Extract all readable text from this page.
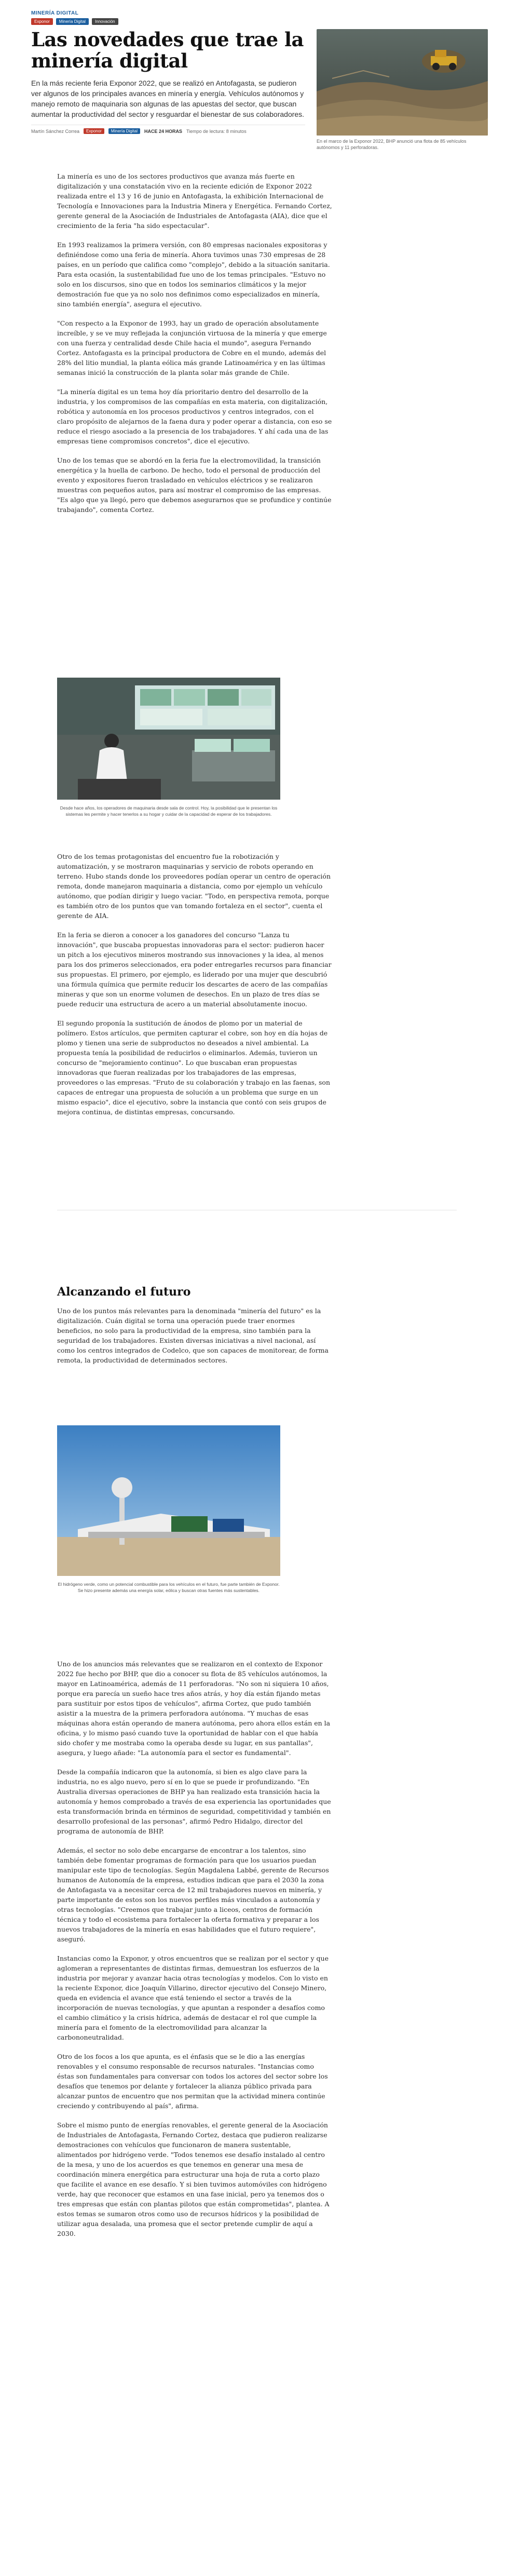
MINERÍA DIGITAL
Exponor	Minería Digital	Innovación
Las novedades que trae la minería digital

En la más reciente feria Exponor 2022, que se realizó en Antofagasta, se pudieron ver algunos de los principales avances en minería y energía. Vehículos autónomos y manejo remoto de maquinaria son algunas de las apuestas del sector, que buscan aumentar la productividad del sector y resguardar el bienestar de sus colaboradores.

Martín Sánchez Correa	Exponor	Minería Digital	HACE 24 HORAS Tiempo de lectura: 8 minutos

En el marco de la Exponor 2022, BHP anunció una flota de 85 vehículos autónomos y 11 perforadoras.

La minería es uno de los sectores productivos que avanza más fuerte en digitalización y una constatación vivo en la reciente edición de Exponor 2022 realizada entre el 13 y 16 de junio en Antofagasta, la exhibición Internacional de Tecnología e Innovaciones para la Industria Minera y Energética. Fernando Cortez, gerente general de la Asociación de Industriales de Antofagasta (AIA), dice que el crecimiento de la feria "ha sido espectacular".

En 1993 realizamos la primera versión, con 80 empresas nacionales expositoras y definiéndose como una feria de minería. Ahora tuvimos unas 730 empresas de 28 países, en un período que califica como "complejo", debido a la situación sanitaria. Para esta ocasión, la sustentabilidad fue uno de los temas principales. "Estuvo no solo en los discursos, sino que en todos los seminarios climáticos y la mejor demostración fue que ya no solo nos definimos como especializados en minería, sino también energía", asegura el ejecutivo.

"Con respecto a la Exponor de 1993, hay un grado de operación absolutamente increíble, y se ve muy reflejada la conjunción virtuosa de la minería y que emerge con una fuerza y centralidad desde Chile hacia el mundo", asegura Fernando Cortez. Antofagasta es la principal productora de Cobre en el mundo, además del 28% del litio mundial, la planta eólica más grande Latinoamérica y en las últimas semanas inició la construcción de la planta solar más grande de Chile.

"La minería digital es un tema hoy día prioritario dentro del desarrollo de la industria, y los compromisos de las compañías en esta materia, con digitalización, robótica y autonomía en los procesos productivos y centros integrados, con el claro propósito de alejarnos de la faena dura y poder operar a distancia, con eso se reduce el riesgo asociado a la presencia de los trabajadores. Y ahí cada una de las empresas tiene compromisos concretos", dice el ejecutivo.

Uno de los temas que se abordó en la feria fue la electromovilidad, la transición energética y la huella de carbono. De hecho, todo el personal de producción del evento y expositores fueron trasladado en vehículos eléctricos y se realizaron muestras con pequeños autos, para así mostrar el compromiso de las empresas. "Es algo que ya llegó, pero que debemos asegurarnos que se profundice y continúe trabajando", comenta Cortez.

Desde hace años, los operadores de maquinaria desde sala de control. Hoy, la posibilidad que le presentan los sistemas les permite y hacer tenerlos a su hogar y cuidar de la capacidad de esperar de los trabajadores.

Otro de los temas protagonistas del encuentro fue la robotización y automatización, y se mostraron maquinarias y servicio de robots operando en terreno. Hubo stands donde los proveedores podían operar un centro de operación remota, donde manejaron maquinaria a distancia, como por ejemplo un vehículo autónomo, que podían dirigir y luego vaciar. "Todo, en perspectiva remota, porque es también otro de los puntos que van tomando fortaleza en el sector", cuenta el gerente de AIA.

En la feria se dieron a conocer a los ganadores del concurso "Lanza tu innovación", que buscaba propuestas innovadoras para el sector: pudieron hacer un pitch a los ejecutivos mineros mostrando sus innovaciones y la idea, al menos para los dos primeros seleccionados, era poder entregarles recursos para financiar sus propuestas. El primero, por ejemplo, es liderado por una mujer que descubrió una fórmula química que permite reducir los descartes de acero de las compañías mineras y que son un enorme volumen de desechos. En un plazo de tres días se puede reducir una estructura de acero a un material absolutamente inocuo.

El segundo proponía la sustitución de ánodos de plomo por un material de polímero. Estos artículos, que permiten capturar el cobre, son hoy en día hojas de plomo y tienen una serie de subproductos no deseados a nivel ambiental. La propuesta tenía la posibilidad de reducirlos o eliminarlos. Además, tuvieron un concurso de "mejoramiento continuo". Lo que buscaban eran propuestas innovadoras que fueran realizadas por los trabajadores de las empresas, proveedores o las empresas. "Fruto de su colaboración y trabajo en las faenas, son capaces de entregar una propuesta de solución a un problema que surge en un mismo espacio", dice el ejecutivo, sobre la instancia que contó con seis grupos de mejora continua, de distintas empresas, concursando.

Alcanzando el futuro

Uno de los puntos más relevantes para la denominada "minería del futuro" es la digitalización. Cuán digital se torna una operación puede traer enormes beneficios, no solo para la productividad de la empresa, sino también para la seguridad de los trabajadores. Existen diversas iniciativas a nivel nacional, así como los centros integrados de Codelco, que son capaces de monitorear, de forma remota, la productividad de determinados sectores.

El hidrógeno verde, como un potencial combustible para los vehículos en el futuro, fue parte también de Exponor. Se hizo presente además una energía solar, eólica y buscan otras fuentes más sustentables.

Uno de los anuncios más relevantes que se realizaron en el contexto de Exponor 2022 fue hecho por BHP, que dio a conocer su flota de 85 vehículos autónomos, la mayor en Latinoamérica, además de 11 perforadoras. "No son ni siquiera 10 años, porque era parecía un sueño hace tres años atrás, y hoy día están fijando metas para sustituir por estos tipos de vehículos", afirma Cortez, que pudo también asistir a la muestra de la primera perforadora autónoma. "Y muchas de esas máquinas ahora están operando de manera autónoma, pero ahora ellos están en la oficina, y lo mismo pasó cuando tuve la oportunidad de hablar con el que había sido chofer y me mostraba como la operaba desde su lugar, en sus pantallas", asegura, y luego añade: "La autonomía para el sector es fundamental".

Desde la compañía indicaron que la autonomía, si bien es algo clave para la industria, no es algo nuevo, pero sí en lo que se puede ir profundizando. "En Australia diversas operaciones de BHP ya han realizado esta transición hacia la autonomía y hemos comprobado a través de esa experiencia las oportunidades que esta transformación brinda en términos de seguridad, competitividad y también en desarrollo profesional de las personas", afirmó Pedro Hidalgo, director del programa de autonomía de BHP.

Además, el sector no solo debe encargarse de encontrar a los talentos, sino también debe fomentar programas de formación para que los usuarios puedan manipular este tipo de tecnologías. Según Magdalena Labbé, gerente de Recursos humanos de Autonomía de la empresa, estudios indican que para el 2030 la zona de Antofagasta va a necesitar cerca de 12 mil trabajadores nuevos en minería, y parte importante de estos son los nuevos perfiles más vinculados a autonomía y otras tecnologías. "Creemos que trabajar junto a liceos, centros de formación técnica y todo el ecosistema para fortalecer la oferta formativa y preparar a los nuevos trabajadores de la minería en esas habilidades que el futuro requiere", aseguró.

Instancias como la Exponor, y otros encuentros que se realizan por el sector y que aglomeran a representantes de distintas firmas, demuestran los esfuerzos de la industria por mejorar y avanzar hacia otras tecnologías y modelos. Con lo visto en la reciente Exponor, dice Joaquín Villarino, director ejecutivo del Consejo Minero, queda en evidencia el avance que está teniendo el sector a través de la incorporación de nuevas tecnologías, y que apuntan a responder a desafíos como el cambio climático y la crisis hídrica, además de destacar el rol que cumple la minería para el fomento de la electromovilidad para alcanzar la carbononeutralidad.

Otro de los focos a los que apunta, es el énfasis que se le dio a las energías renovables y el consumo responsable de recursos naturales. "Instancias como éstas son fundamentales para conversar con todos los actores del sector sobre los desafíos que tenemos por delante y fortalecer la alianza público privada para alcanzar puntos de encuentro que nos permitan que la actividad minera continúe creciendo y contribuyendo al país", afirma.

Sobre el mismo punto de energías renovables, el gerente general de la Asociación de Industriales de Antofagasta, Fernando Cortez, destaca que pudieron realizarse demostraciones con vehículos que funcionaron de manera sustentable, alimentados por hidrógeno verde. "Todos tenemos ese desafío instalado al centro de la mesa, y uno de los acuerdos es que tenemos en generar una mesa de coordinación minera energética para estructurar una hoja de ruta a corto plazo que facilite el avance en ese desafío. Y si bien tuvimos automóviles con hidrógeno verde, hay que reconocer que estamos en una fase inicial, pero ya tenemos dos o tres empresas que están con plantas pilotos que están comprometidas", plantea. A estos temas se sumaron otros como uso de recursos hídricos y la posibilidad de utilizar agua desalada, una promesa que el sector pretende cumplir de aquí a 2030.
